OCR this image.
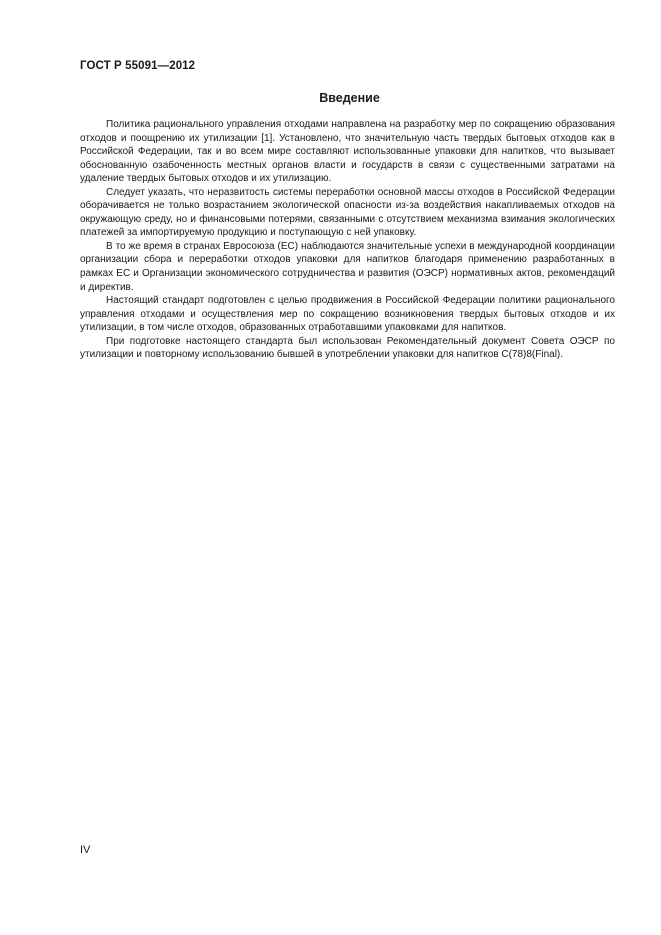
ГОСТ Р 55091—2012
Введение

Политика рационального управления отходами направлена на разработку мер по сокращению образования отходов и поощрению их утилизации [1]. Установлено, что значительную часть твердых бытовых отходов как в Российской Федерации, так и во всем мире составляют использованные упаковки для напитков, что вызывает обоснованную озабоченность местных органов власти и государств в связи с существенными затратами на удаление твердых бытовых отходов и их утилизацию.

Следует указать, что неразвитость системы переработки основной массы отходов в Российской Федерации оборачивается не только возрастанием экологической опасности из-за воздействия накапливаемых отходов на окружающую среду, но и финансовыми потерями, связанными с отсутствием механизма взимания экологических платежей за импортируемую продукцию и поступающую с ней упаковку.

В то же время в странах Евросоюза (ЕС) наблюдаются значительные успехи в международной координации организации сбора и переработки отходов упаковки для напитков благодаря применению разработанных в рамках ЕС и Организации экономического сотрудничества и развития (ОЭСР) нормативных актов, рекомендаций и директив.

Настоящий стандарт подготовлен с целью продвижения в Российской Федерации политики рационального управления отходами и осуществления мер по сокращению возникновения твердых бытовых отходов и их утилизации, в том числе отходов, образованных отработавшими упаковками для напитков.

При подготовке настоящего стандарта был использован Рекомендательный документ Совета ОЭСР по утилизации и повторному использованию бывшей в употреблении упаковки для напитков C(78)8(Final).

IV
